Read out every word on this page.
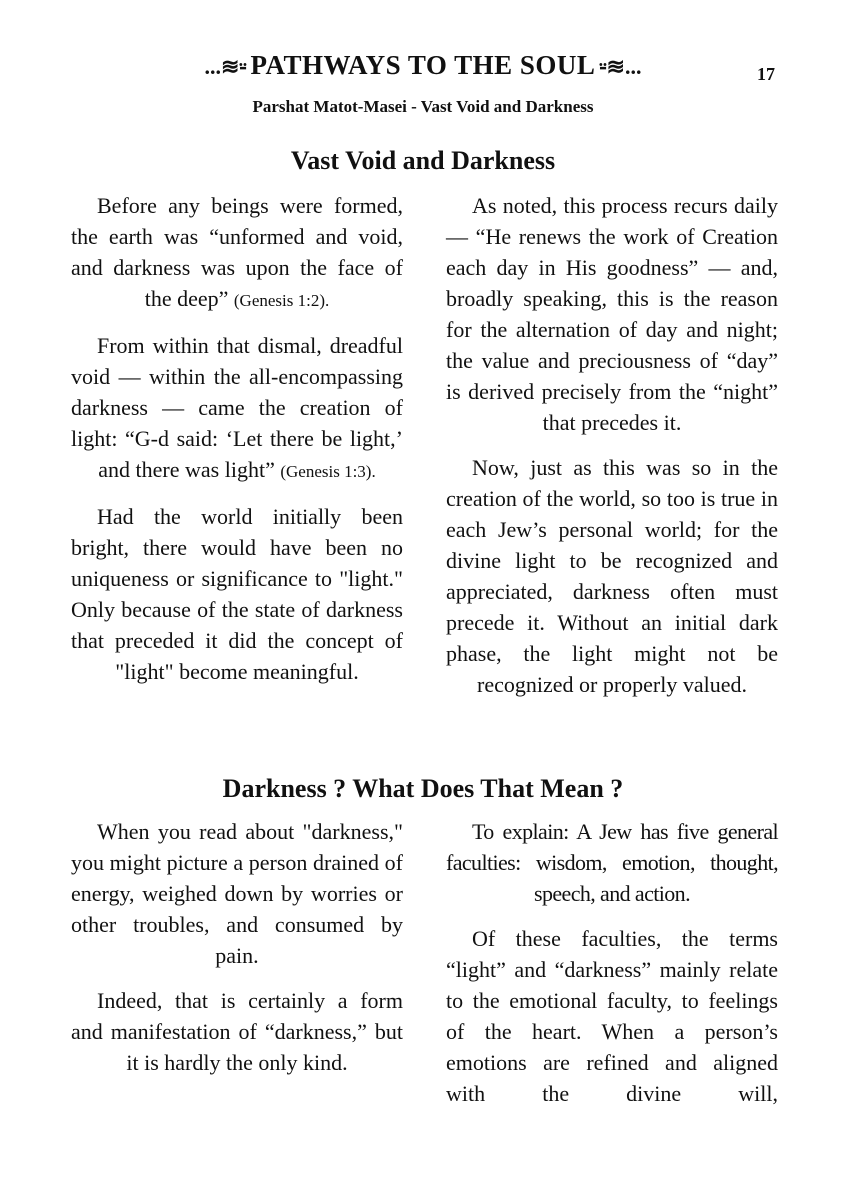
...≋⸚ PATHWAYS TO THE SOUL ⸚≋...	17
Parshat Matot-Masei - Vast Void and Darkness
Vast Void and Darkness

Before any beings were formed, the earth was “unformed and void, and darkness was upon the face of the deep” (Genesis 1:2).

From within that dismal, dreadful void — within the all-encompassing darkness — came the creation of light: “G-d said: ‘Let there be light,’ and there was light” (Genesis 1:3).

Had the world initially been bright, there would have been no uniqueness or significance to "light." Only because of the state of darkness that preceded it did the concept of "light" become meaningful.

As noted, this process recurs daily — “He renews the work of Creation each day in His goodness” — and, broadly speaking, this is the reason for the alternation of day and night; the value and preciousness of “day” is derived precisely from the “night” that precedes it.

Now, just as this was so in the creation of the world, so too is true in each Jew’s personal world; for the divine light to be recognized and appreciated, darkness often must precede it. Without an initial dark phase, the light might not be recognized or properly valued.

Darkness ? What Does That Mean ?

When you read about "darkness," you might picture a person drained of energy, weighed down by worries or other troubles, and consumed by pain.

Indeed, that is certainly a form and manifestation of “darkness,” but it is hardly the only kind.

To explain: A Jew has five general faculties: wisdom, emotion, thought, speech, and action.

Of these faculties, the terms “light” and “darkness” mainly relate to the emotional faculty, to feelings of the heart. When a person’s emotions are refined and aligned with the divine will,
